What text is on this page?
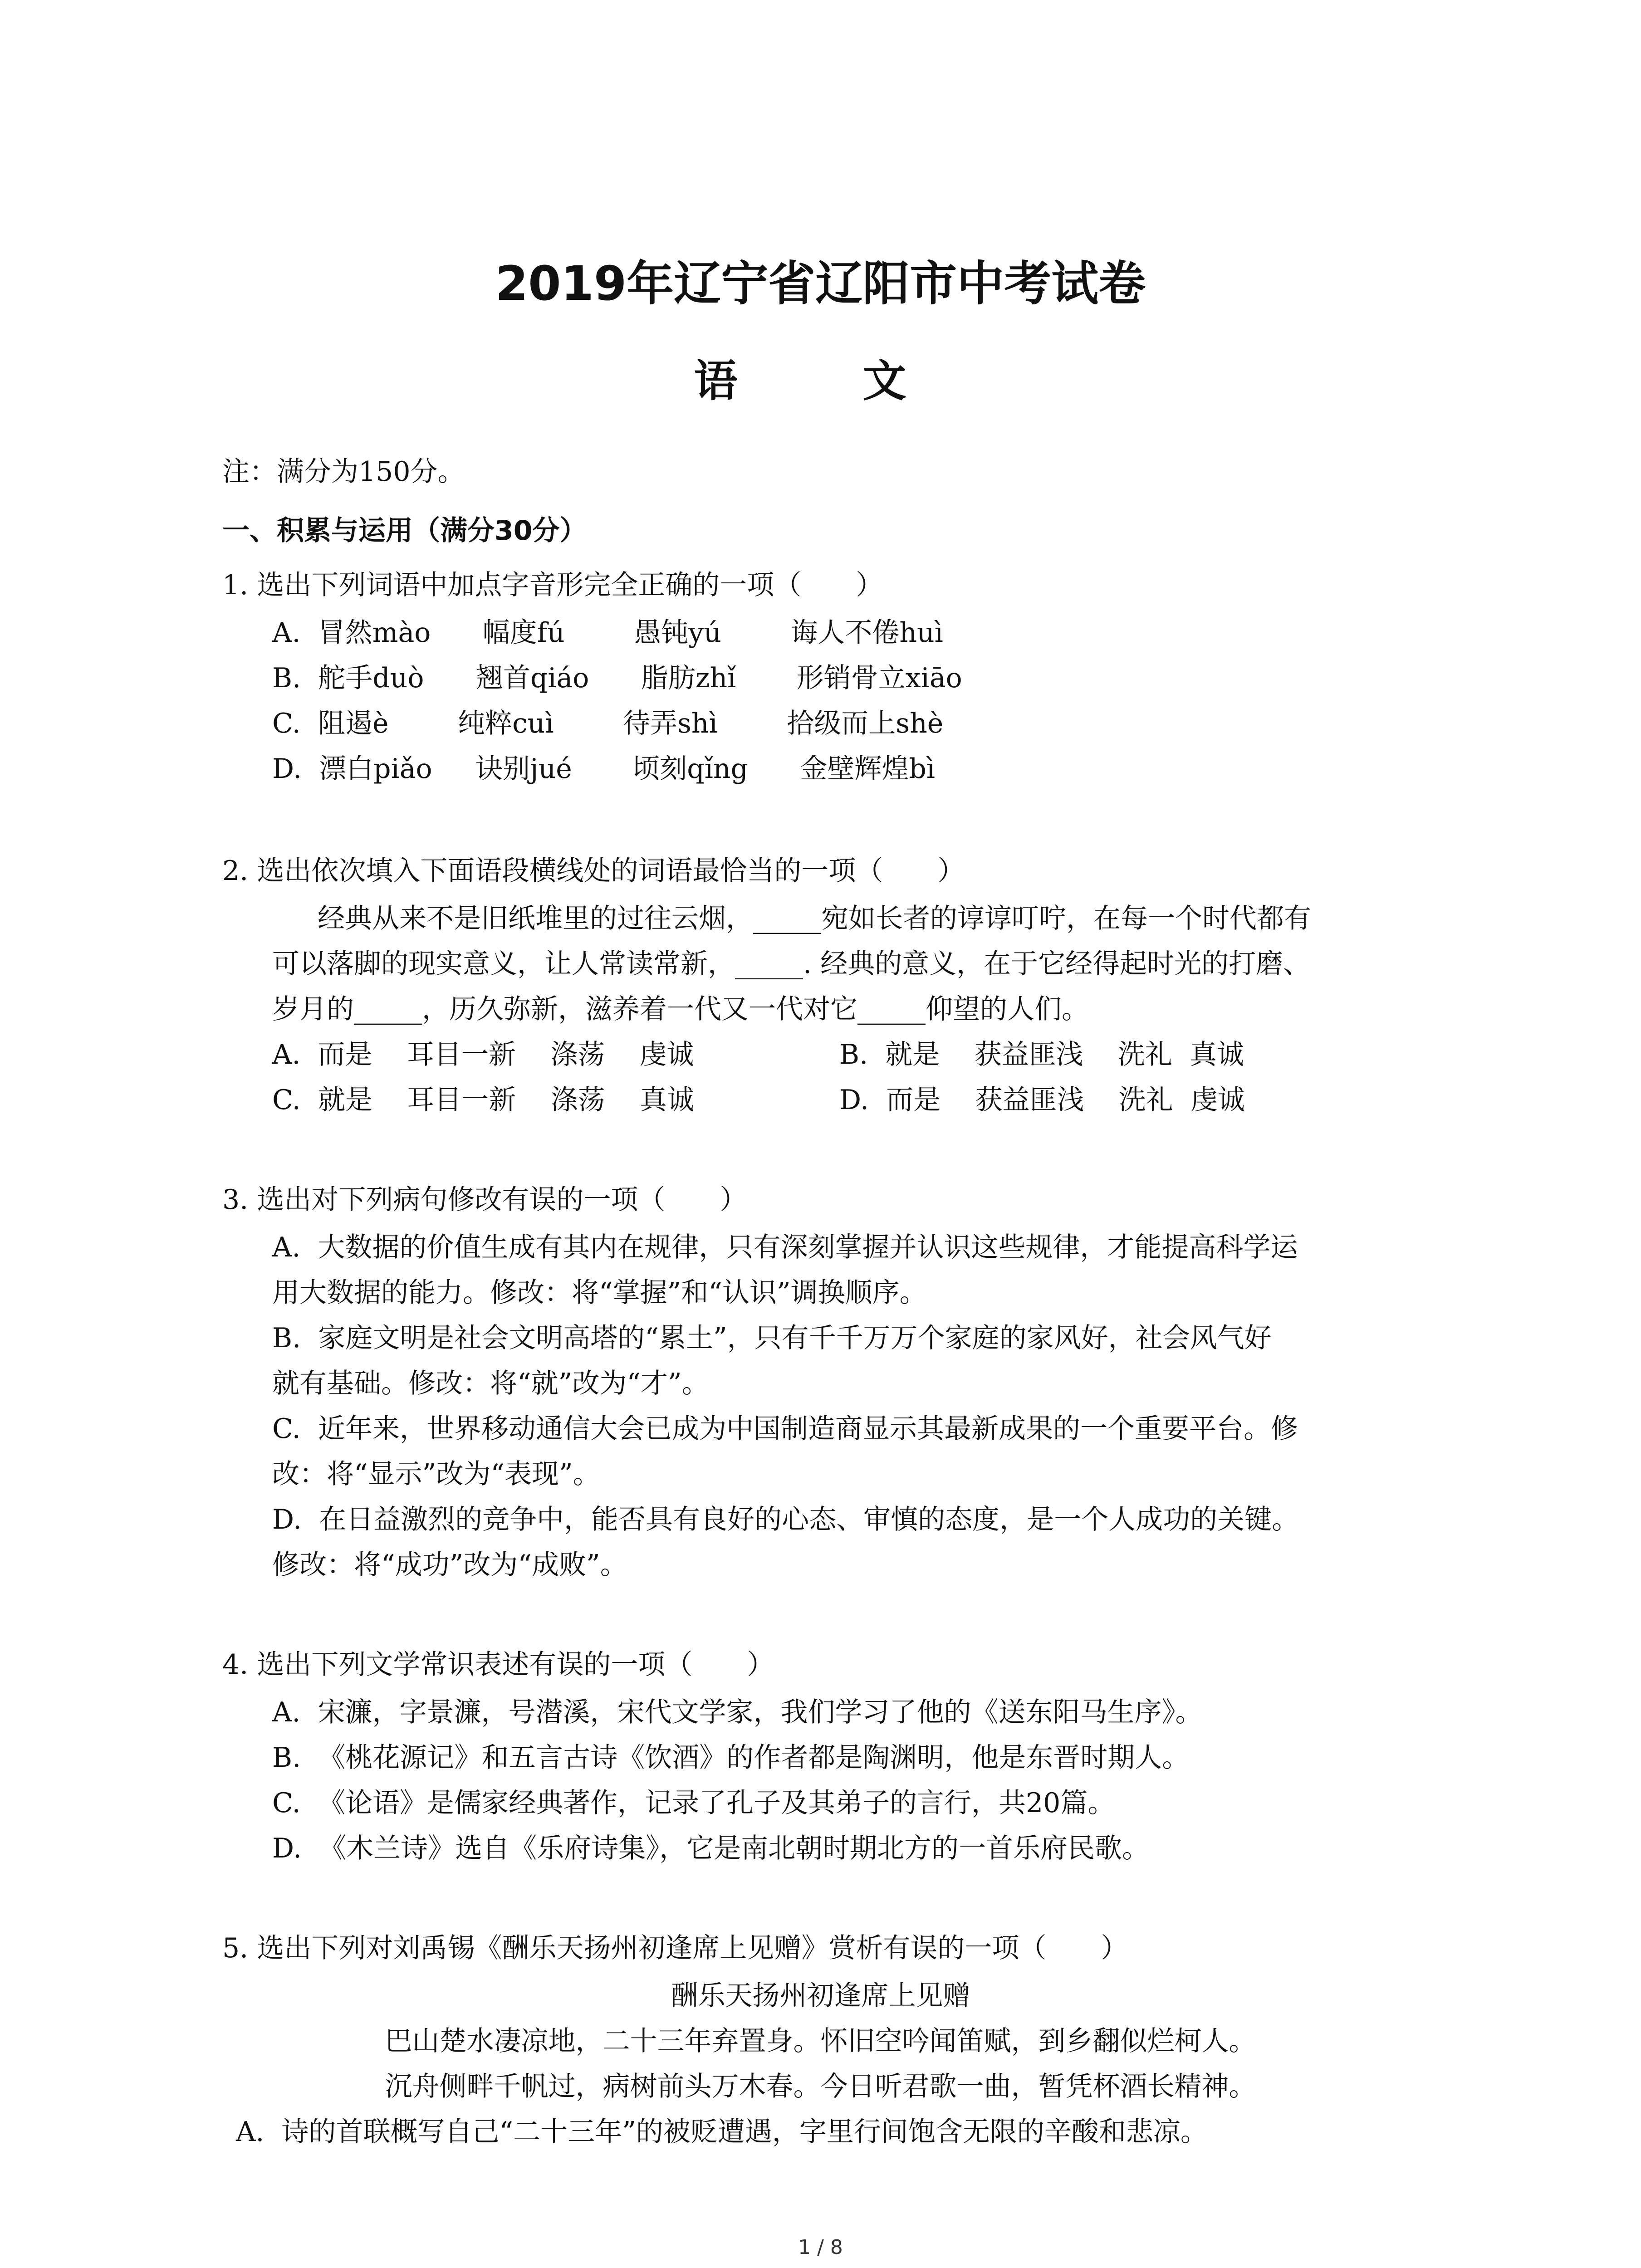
2019年辽宁省辽阳市中考试卷
语　文
注：满分为150分。
一、积累与运用（满分30分）
1. 选出下列词语中加点字音形完全正确的一项（　　）
A.  冒然mào      幅度fú        愚钝yú        诲人不倦huì
B.  舵手duò      翘首qiáo      脂肪zhǐ       形销骨立xiāo
C.  阻遏è        纯粹cuì        待弄shì        拾级而上shè
D.  漂白piǎo     诀别jué       顷刻qǐng      金壁辉煌bì
2. 选出依次填入下面语段横线处的词语最恰当的一项（　　）
经典从来不是旧纸堆里的过往云烟，_____宛如长者的谆谆叮咛，在每一个时代都有
可以落脚的现实意义，让人常读常新，_____. 经典的意义，在于它经得起时光的打磨、
岁月的_____，历久弥新，滋养着一代又一代对它_____仰望的人们。
A.  而是    耳目一新    涤荡    虔诚	B.  就是    获益匪浅    洗礼  真诚
C.  就是    耳目一新    涤荡    真诚	D.  而是    获益匪浅    洗礼  虔诚
3. 选出对下列病句修改有误的一项（　　）
A.  大数据的价值生成有其内在规律，只有深刻掌握并认识这些规律，才能提高科学运
用大数据的能力。修改：将“掌握”和“认识”调换顺序。
B.  家庭文明是社会文明高塔的“累土”，只有千千万万个家庭的家风好，社会风气好
就有基础。修改：将“就”改为“才”。
C.  近年来，世界移动通信大会已成为中国制造商显示其最新成果的一个重要平台。修
改：将“显示”改为“表现”。
D.  在日益激烈的竞争中，能否具有良好的心态、审慎的态度，是一个人成功的关键。
修改：将“成功”改为“成败”。
4. 选出下列文学常识表述有误的一项（　　）
A.  宋濂，字景濂，号潜溪，宋代文学家，我们学习了他的《送东阳马生序》。
B.  《桃花源记》和五言古诗《饮酒》的作者都是陶渊明，他是东晋时期人。
C.  《论语》是儒家经典著作，记录了孔子及其弟子的言行，共20篇。
D.  《木兰诗》选自《乐府诗集》，它是南北朝时期北方的一首乐府民歌。
5. 选出下列对刘禹锡《酬乐天扬州初逢席上见赠》赏析有误的一项（　　）
酬乐天扬州初逢席上见赠
巴山楚水凄凉地，二十三年弃置身。怀旧空吟闻笛赋，到乡翻似烂柯人。
沉舟侧畔千帆过，病树前头万木春。今日听君歌一曲，暂凭杯酒长精神。
A.  诗的首联概写自己“二十三年”的被贬遭遇，字里行间饱含无限的辛酸和悲凉。
1 / 8
